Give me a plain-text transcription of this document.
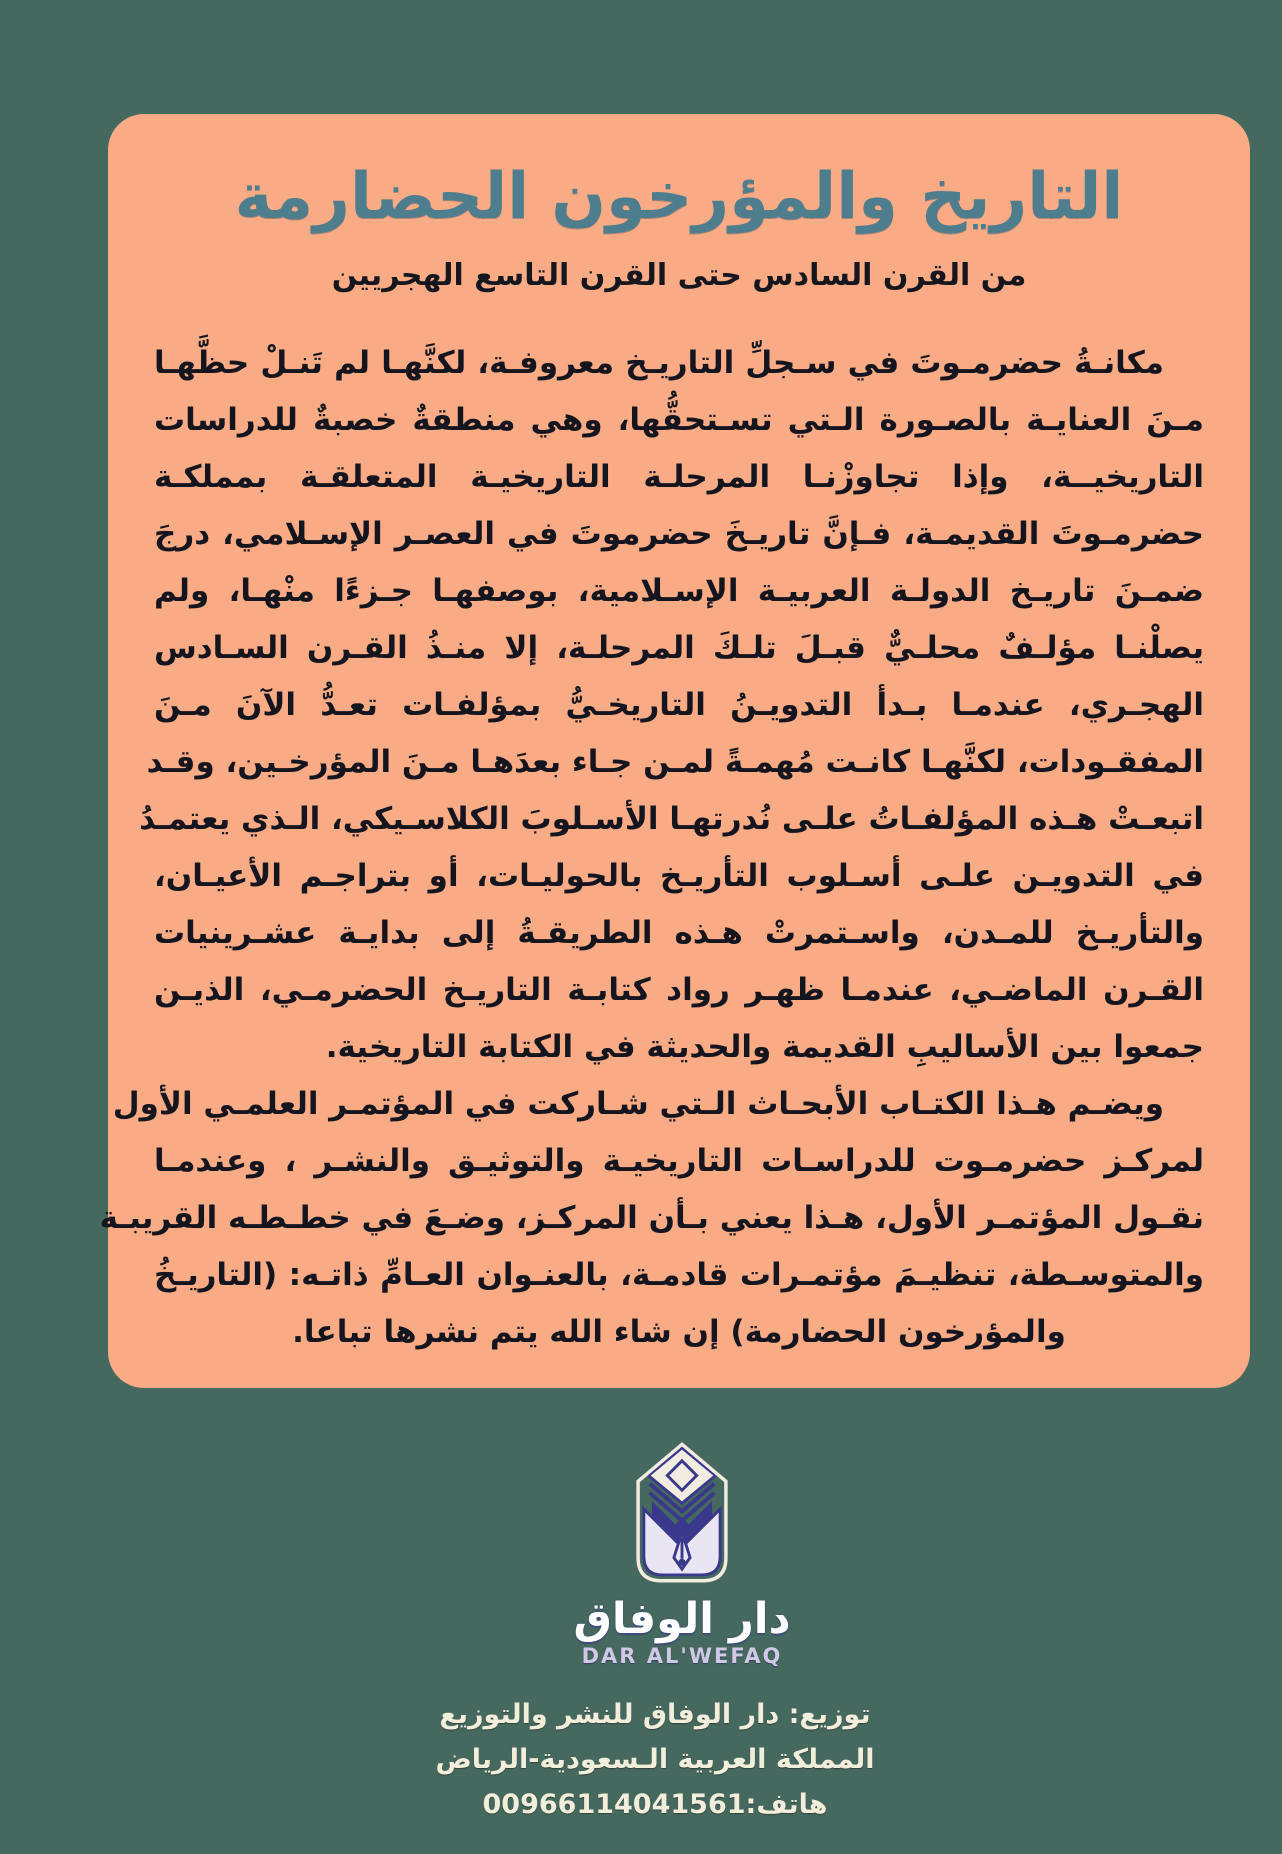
التاريخ والمؤرخون الحضارمة
من القرن السادس حتى القرن التاسع الهجريين
مكانـةُ حضرمـوتَ في سـجلِّ التاريـخ معروفـة، لكنَّهـا لم تَنـلْ حظَّهـا
مـنَ العنايـة بالصـورة الـتي تسـتحقُّها، وهي منطقةٌ خصبةٌ للدراسات
التاريخيــة، وإذا تجاوزْنـا المرحلـة التاريخيـة المتعلقـة بمملكـة
حضرمـوتَ القديمـة، فـإنَّ تاريـخَ حضرموتَ في العصـر الإسـلامي، درجَ
ضمـنَ تاريـخ الدولـة العربيـة الإسـلامية، بوصفهـا جـزءًا منْهـا، ولم
يصلْنـا مؤلـفٌ محلـيٌّ قبـلَ تلـكَ المرحلـة، إلا منـذُ القـرن السـادس
الهجـري، عندمـا بـدأ التدويـنُ التاريخـيُّ بمؤلفـات تعـدُّ الآنَ مـنَ
المفقـودات، لكنَّهـا كانـت مُهمـةً لمـن جـاء بعدَهـا مـنَ المؤرخـين، وقـد
اتبعـتْ هـذه المؤلفـاتُ علـى نُدرتهـا الأسـلوبَ الكلاسـيكي، الـذي يعتمـدُ
في التدويـن علـى أسـلوب التأريـخ بالحوليـات، أو بتراجـم الأعيـان،
والتأريـخ للمـدن، واسـتمرتْ هـذه الطريقـةُ إلى بدايـة عشـرينيات
القـرن الماضـي، عندمـا ظهـر رواد كتابـة التاريـخ الحضرمـي، الذيـن
جمعوا بين الأساليبِ القديمة والحديثة في الكتابة التاريخية.
ويضـم هـذا الكتـاب الأبحـاث الـتي شـاركت في المؤتمـر العلمـي الأول
لمركـز حضرمـوت للدراسـات التاريخيـة والتوثيـق والنشـر ، وعندمـا
نقـول المؤتمـر الأول، هـذا يعني بـأن المركـز، وضـعَ في خطـطـه القريبـة
والمتوسـطة، تنظيـمَ مؤتمـرات قادمـة، بالعنـوان العـامِّ ذاتـه: (التاريـخُ
والمؤرخون الحضارمة) إن شاء الله يتم نشرها تباعا.
دار الوفاق
DAR AL'WEFAQ
توزيع: دار الوفاق للنشر والتوزيع
المملكة العربية الـسعودية-الرياض
هاتف:00966114041561
